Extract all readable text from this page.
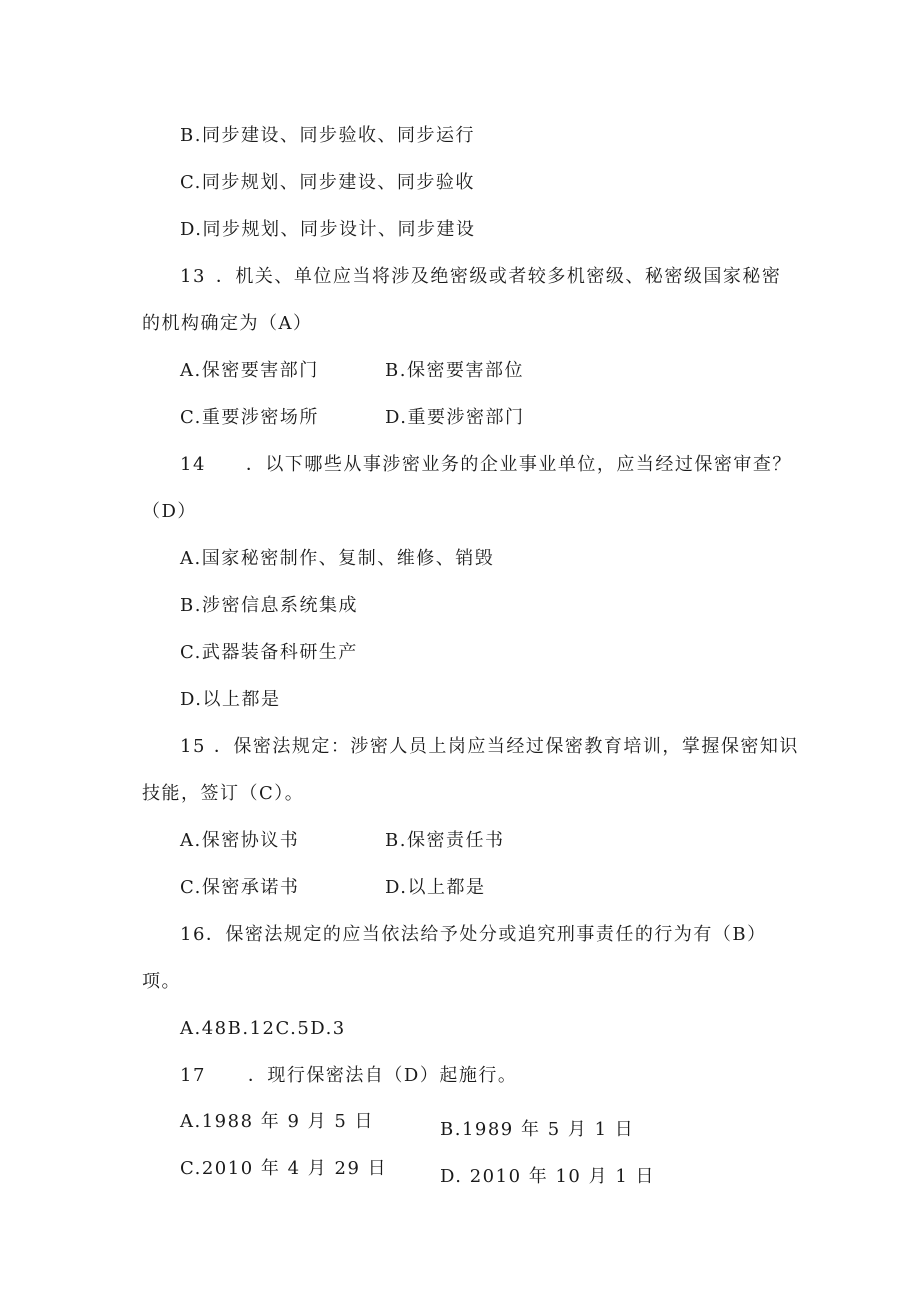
B.同步建设、同步验收、同步运行
C.同步规划、同步建设、同步验收
D.同步规划、同步设计、同步建设
13 ．机关、单位应当将涉及绝密级或者较多机密级、秘密级国家秘密
的机构确定为（A）
A.保密要害部门	B.保密要害部位
C.重要涉密场所	D.重要涉密部门
14 ．以下哪些从事涉密业务的企业事业单位，应当经过保密审查？
（D）
A.国家秘密制作、复制、维修、销毁
B.涉密信息系统集成
C.武器装备科研生产
D.以上都是
15 ．保密法规定：涉密人员上岗应当经过保密教育培训，掌握保密知识
技能，签订（C）。
A.保密协议书	B.保密责任书
C.保密承诺书	D.以上都是
16．保密法规定的应当依法给予处分或追究刑事责任的行为有（B）
项。
A.48B.12C.5D.3
17 ．现行保密法自（D）起施行。
A.1988 年 9 月 5 日	B.1989 年 5 月 1 日
C.2010 年 4 月 29 日	D. 2010 年 10 月 1 日
